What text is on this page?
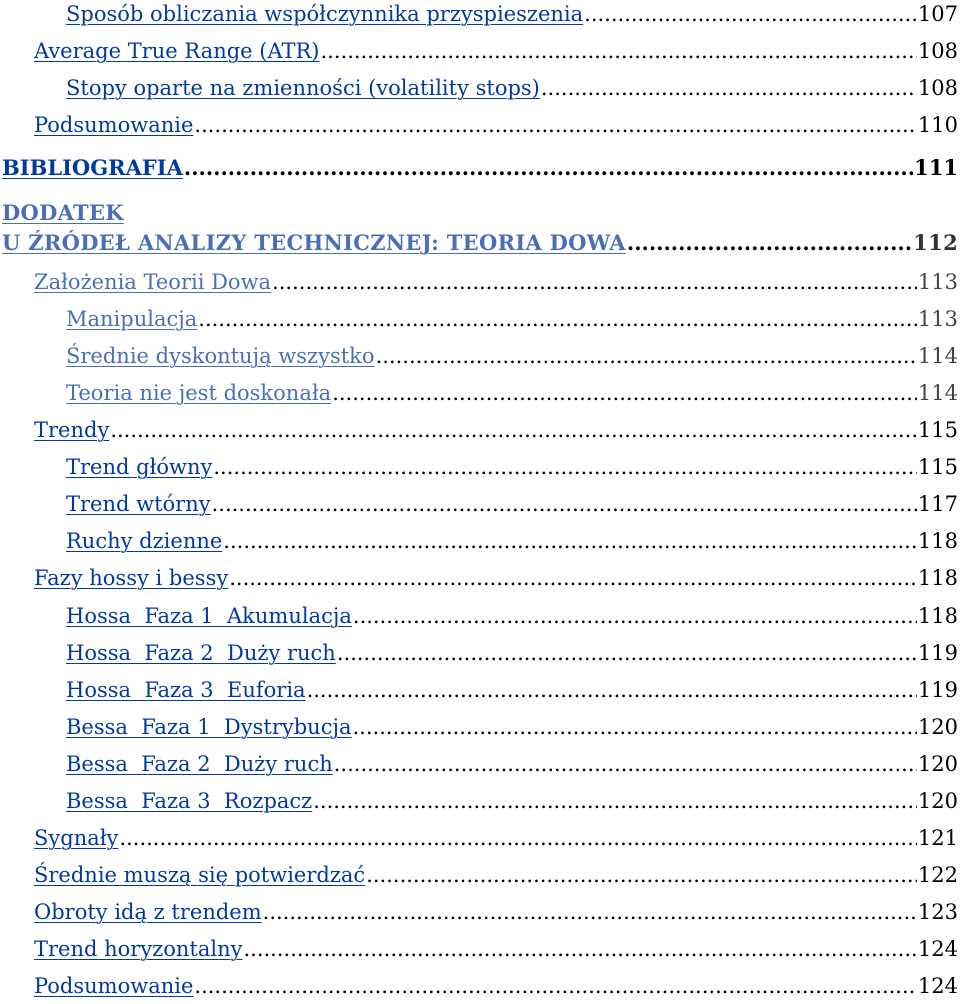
Sposób obliczania współczynnika przyspieszenia .....	107
Average True Range (ATR) .....	108
Stopy oparte na zmienności (volatility stops) .....	108
Podsumowanie .....	110
BIBLIOGRAFIA .....	111
DODATEK
U ŹRÓDEŁ ANALIZY TECHNICZNEJ: TEORIA DOWA .....	112
Założenia Teorii Dowa .....	113
Manipulacja .....	113
Średnie dyskontują wszystko .....	114
Teoria nie jest doskonała .....	114
Trendy .....	115
Trend główny .....	115
Trend wtórny .....	117
Ruchy dzienne .....	118
Fazy hossy i bessy .....	118
Hossa  Faza 1  Akumulacja .....	118
Hossa  Faza 2  Duży ruch .....	119
Hossa  Faza 3  Euforia .....	119
Bessa  Faza 1  Dystrybucja .....	120
Bessa  Faza 2  Duży ruch .....	120
Bessa  Faza 3  Rozpacz .....	120
Sygnały .....	121
Średnie muszą się potwierdzać .....	122
Obroty idą z trendem .....	123
Trend horyzontalny .....	124
Podsumowanie .....	124
